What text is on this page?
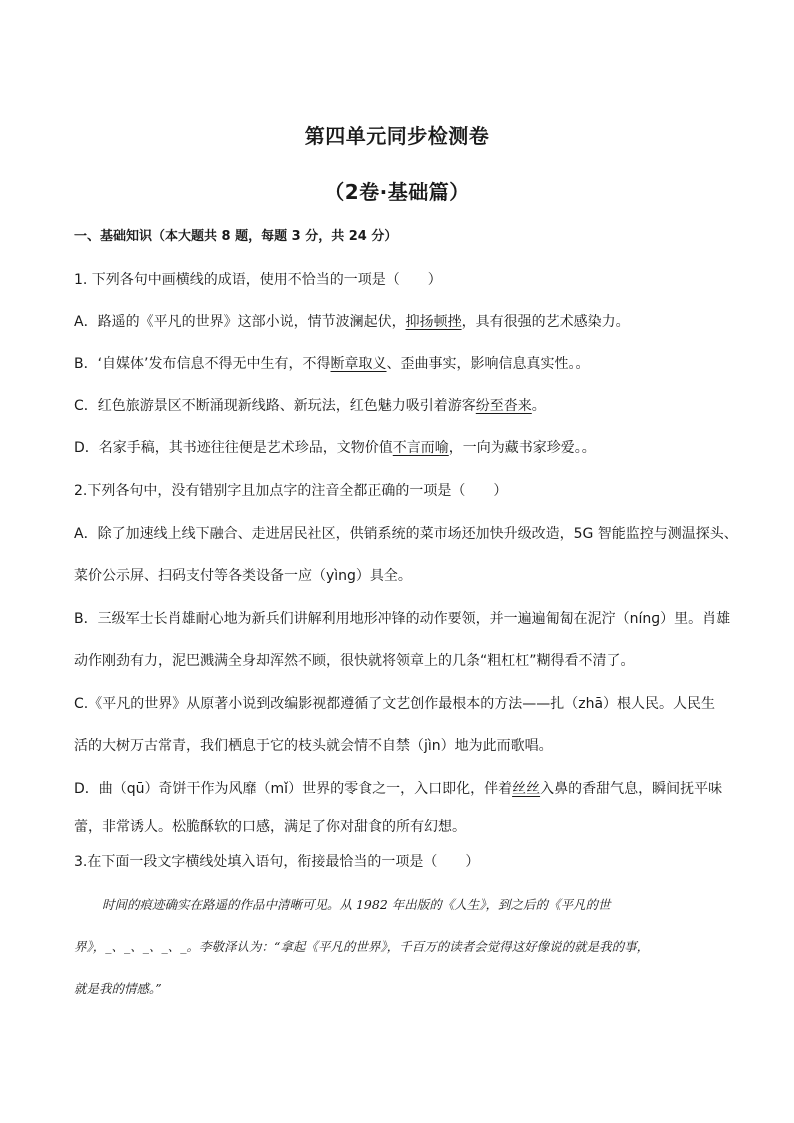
第四单元同步检测卷
（2卷·基础篇）
一、基础知识（本大题共 8 题，每题 3 分，共 24 分）
1. 下列各句中画横线的成语，使用不恰当的一项是（　　）
A．路遥的《平凡的世界》这部小说，情节波澜起伏，抑扬顿挫，具有很强的艺术感染力。
B．‘自媒体’发布信息不得无中生有，不得断章取义、歪曲事实，影响信息真实性。。
C．红色旅游景区不断涌现新线路、新玩法，红色魅力吸引着游客纷至沓来。
D．名家手稿，其书迹往往便是艺术珍品，文物价值不言而喻，一向为藏书家珍爱。。
2.下列各句中，没有错别字且加点字的注音全都正确的一项是（　　）
A．除了加速线上线下融合、走进居民社区，供销系统的菜市场还加快升级改造，5G 智能监控与测温探头、
菜价公示屏、扫码支付等各类设备一应（yìng）具全。
B．三级军士长肖雄耐心地为新兵们讲解利用地形冲锋的动作要领，并一遍遍匍匐在泥泞（nínɡ）里。肖雄
动作刚劲有力，泥巴溅满全身却浑然不顾，很快就将领章上的几条“粗杠杠”糊得看不清了。
C.《平凡的世界》从原著小说到改编影视都遵循了文艺创作最根本的方法——扎（zhā）根人民。人民生
活的大树万古常青，我们栖息于它的枝头就会情不自禁（jìn）地为此而歌唱。
D．曲（qū）奇饼干作为风靡（mǐ）世界的零食之一，入口即化，伴着丝丝入鼻的香甜气息，瞬间抚平味
蕾，非常诱人。松脆酥软的口感，满足了你对甜食的所有幻想。
3.在下面一段文字横线处填入语句，衔接最恰当的一项是（　　）
时间的痕迹确实在路遥的作品中清晰可见。从 1982 年出版的《人生》，到之后的《平凡的世
界》，_、_、_、_、_。李敬泽认为：“拿起《平凡的世界》，千百万的读者会觉得这好像说的就是我的事，
就是我的情感。”
